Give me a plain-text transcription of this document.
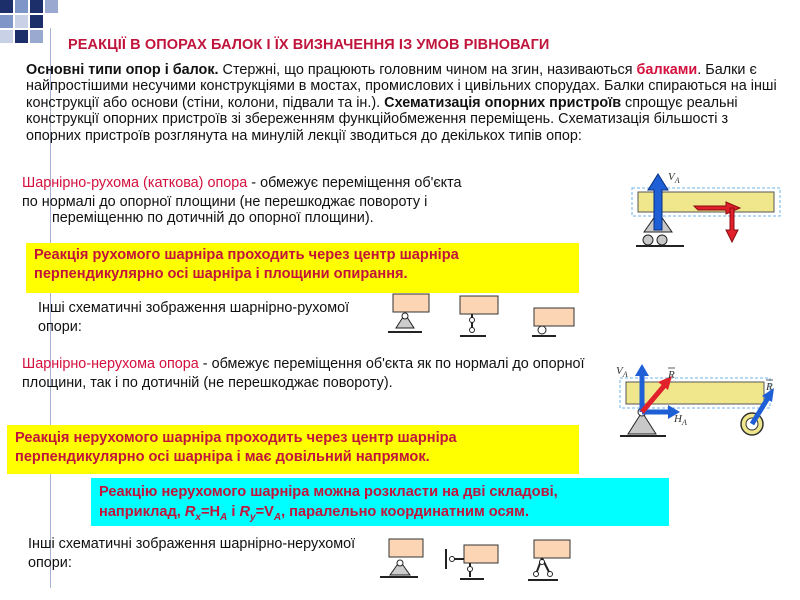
РЕАКЦІЇ В ОПОРАХ БАЛОК І ЇХ ВИЗНАЧЕННЯ ІЗ УМОВ РІВНОВАГИ
Основні типи опор і балок. Стержні, що працюють головним чином на згин, називаються балками. Балки є найпростішими несучими конструкціями в мостах, промислових і цивільних спорудах. Балки спираються на інші конструкції або основи (стіни, колони, підвали та ін.). Схематизація опорних пристроїв спрощує реальні конструкції опорних пристроїв зі збереженням функційобмеження переміщень. Схематизація більшості з опорних пристроїв розглянута на минулій лекції зводиться до декількох типів опор:
Шарнірно-рухома (каткова) опора - обмежує переміщення об'єкта
по нормалі до опорної площини (не перешкоджає повороту і
переміщенню по дотичній до опорної площини).
Реакція рухомого шарніра проходить через центр шарніра перпендикулярно осі шарніра і площини опирання.
Інші схематичні зображення шарнірно-рухомої опори:
Шарнірно-нерухома опора - обмежує переміщення об'єкта як по нормалі до опорної площини, так і по дотичній (не перешкоджає повороту).
Реакція нерухомого шарніра проходить через центр шарніра перпендикулярно осі шарніра і має довільний напрямок.
Реакцію нерухомого шарніра можна розкласти на дві складові,
наприклад, $R_x=H_A$ і $R_y=V_A$, паралельно координатним осям.
Інші схематичні зображення шарнірно-нерухомої опори:
$V_A$
$V_A$	R
$H_A$
R
